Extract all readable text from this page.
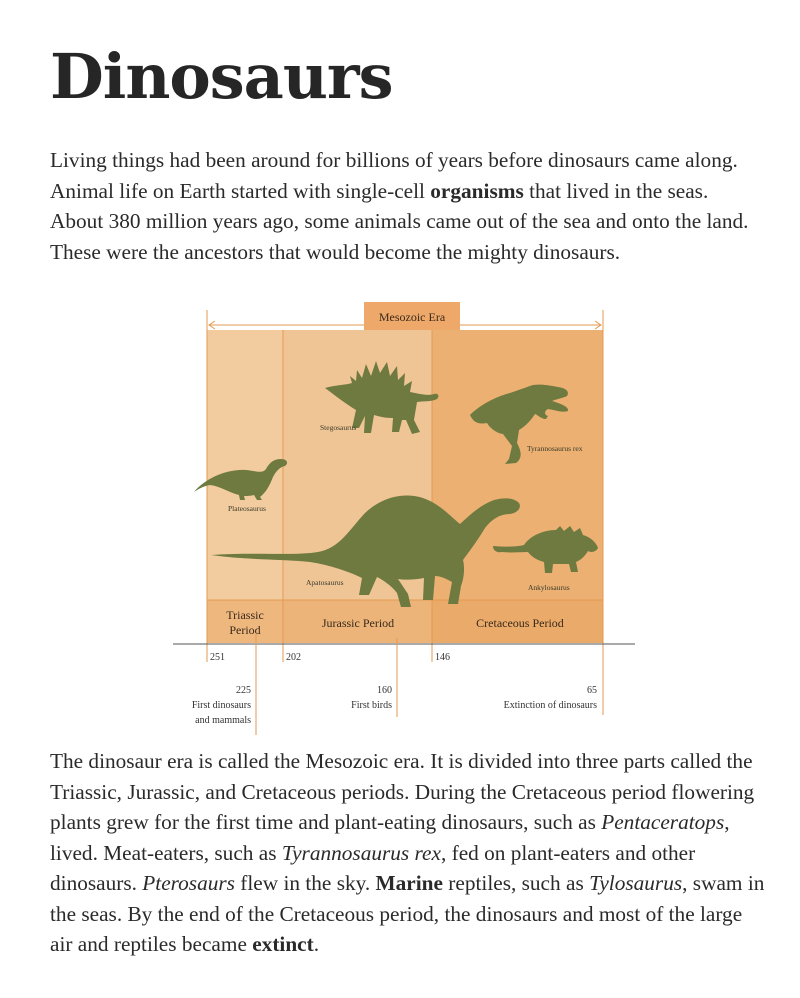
Dinosaurs

Living things had been around for billions of years before dinosaurs came along. Animal life on Earth started with single-cell organisms that lived in the seas. About 380 million years ago, some animals came out of the sea and onto the land. These were the ancestors that would become the mighty dinosaurs.

Mesozoic Era
Plateosaurus
Stegosaurus
Tyrannosaurus rex
Apatosaurus
Ankylosaurus
Triassic
Period	Jurassic Period	Cretaceous Period
251	202	146
225
First dinosaurs
and mammals
160
First birds
65
Extinction of dinosaurs

The dinosaur era is called the Mesozoic era. It is divided into three parts called the Triassic, Jurassic, and Cretaceous periods. During the Cretaceous period flowering plants grew for the first time and plant-eating dinosaurs, such as Pentaceratops, lived. Meat-eaters, such as Tyrannosaurus rex, fed on plant-eaters and other dinosaurs. Pterosaurs flew in the sky. Marine reptiles, such as Tylosaurus, swam in the seas. By the end of the Cretaceous period, the dinosaurs and most of the large air and reptiles became extinct.
